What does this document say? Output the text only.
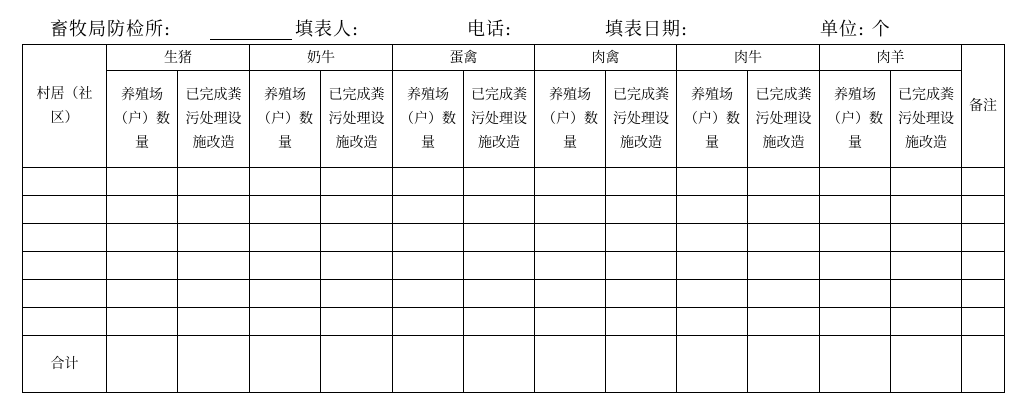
畜牧局防检所:	填表人:	电话:	填表日期:	单位: 个
村居（社区）	生猪		奶牛		蛋禽		肉禽		肉牛		肉羊		备注

	养殖场（户）数量	已完成粪污处理设施改造	养殖场（户）数量	已完成粪污处理设施改造	养殖场（户）数量	已完成粪污处理设施改造	养殖场（户）数量	已完成粪污处理设施改造	养殖场（户）数量	已完成粪污处理设施改造	养殖场（户）数量	已完成粪污处理设施改造	

合计													
